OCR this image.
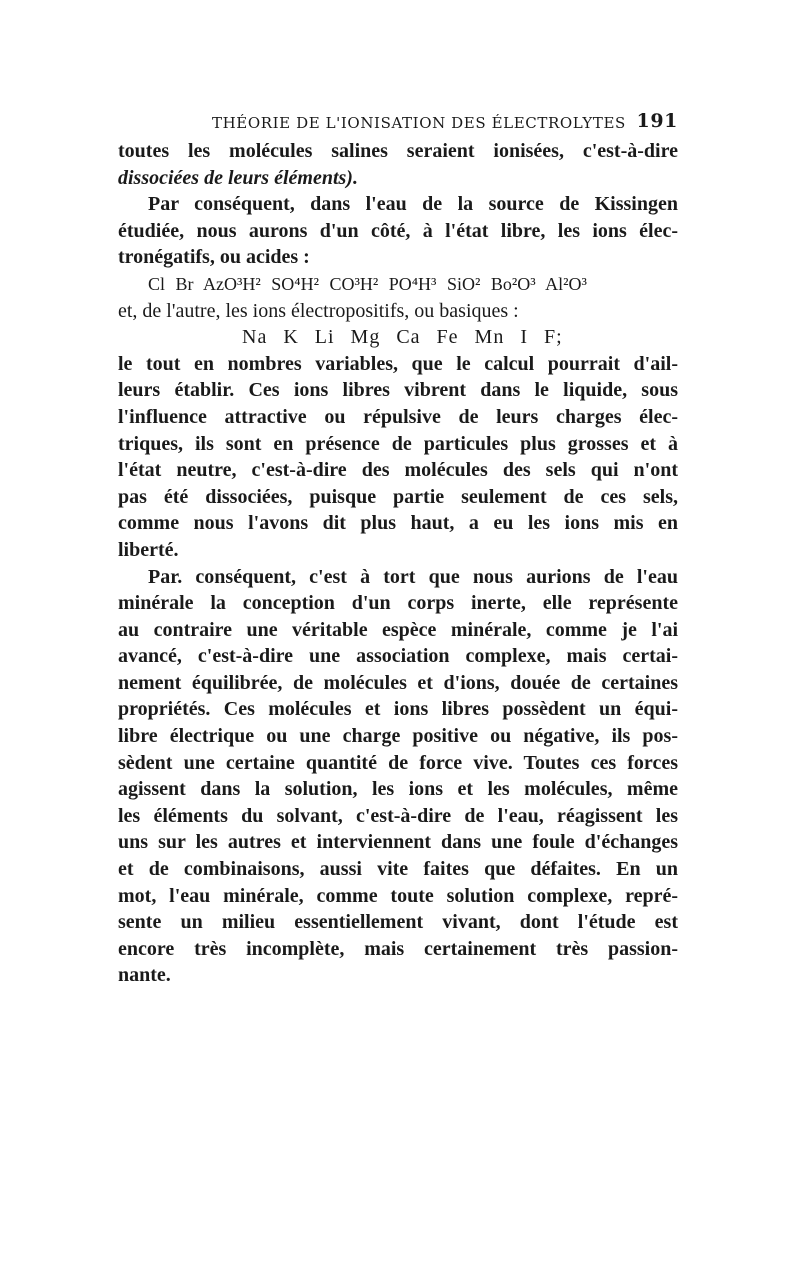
THÉORIE DE L'IONISATION DES ÉLECTROLYTES 191
toutes les molécules salines seraient ionisées, c'est-à-dire
dissociées de leurs éléments).
Par conséquent, dans l'eau de la source de Kissingen
étudiée, nous aurons d'un côté, à l'état libre, les ions élec-
tronégatifs, ou acides :
Cl Br AzO³H² SO⁴H² CO³H² PO⁴H³ SiO² Bo²O³ Al²O³
et, de l'autre, les ions électropositifs, ou basiques :
Na K Li Mg Ca Fe Mn I F;
le tout en nombres variables, que le calcul pourrait d'ail-
leurs établir. Ces ions libres vibrent dans le liquide, sous
l'influence attractive ou répulsive de leurs charges élec-
triques, ils sont en présence de particules plus grosses et à
l'état neutre, c'est-à-dire des molécules des sels qui n'ont
pas été dissociées, puisque partie seulement de ces sels,
comme nous l'avons dit plus haut, a eu les ions mis en
liberté.
Par. conséquent, c'est à tort que nous aurions de l'eau
minérale la conception d'un corps inerte, elle représente
au contraire une véritable espèce minérale, comme je l'ai
avancé, c'est-à-dire une association complexe, mais certai-
nement équilibrée, de molécules et d'ions, douée de certaines
propriétés. Ces molécules et ions libres possèdent un équi-
libre électrique ou une charge positive ou négative, ils pos-
sèdent une certaine quantité de force vive. Toutes ces forces
agissent dans la solution, les ions et les molécules, même
les éléments du solvant, c'est-à-dire de l'eau, réagissent les
uns sur les autres et interviennent dans une foule d'échanges
et de combinaisons, aussi vite faites que défaites. En un
mot, l'eau minérale, comme toute solution complexe, repré-
sente un milieu essentiellement vivant, dont l'étude est
encore très incomplète, mais certainement très passion-
nante.
